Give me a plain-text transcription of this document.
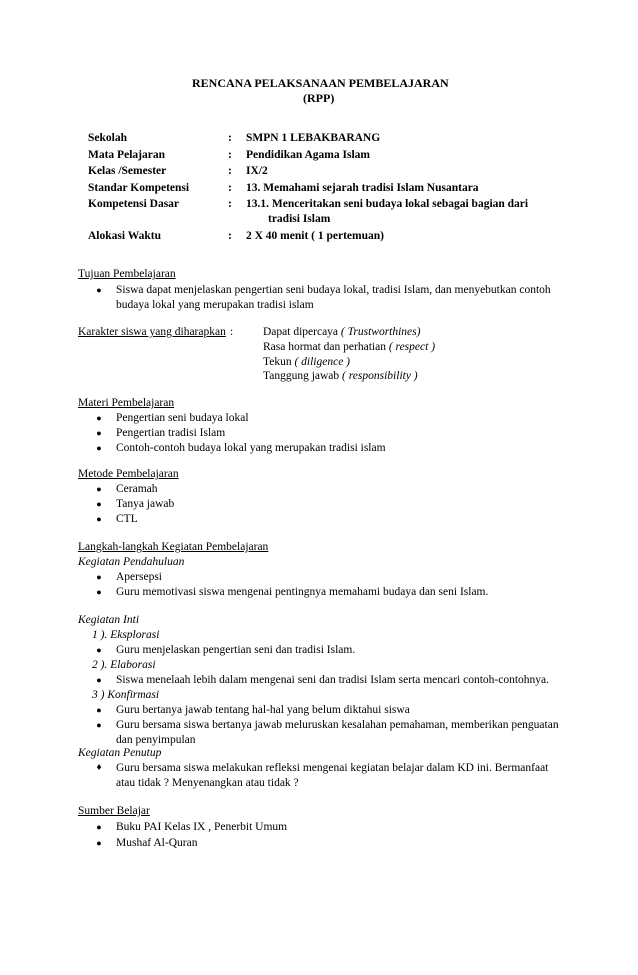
RENCANA PELAKSANAAN PEMBELAJARAN
(RPP)
Sekolah	: SMPN 1 LEBAKBARANG
Mata Pelajaran	: Pendidikan Agama Islam
Kelas /Semester	: IX/2
Standar Kompetensi	: 13. Memahami sejarah tradisi Islam Nusantara
Kompetensi Dasar	: 13.1. Menceritakan seni budaya lokal sebagai bagian dari
tradisi Islam
Alokasi Waktu	: 2 X 40 menit ( 1 pertemuan)
Tujuan Pembelajaran
●	Siswa dapat menjelaskan pengertian seni budaya lokal, tradisi Islam, dan menyebutkan contoh
budaya lokal yang merupakan tradisi islam
Karakter siswa yang diharapkan :	Dapat dipercaya ( Trustworthines)
Rasa hormat dan perhatian ( respect )
Tekun ( diligence )
Tanggung jawab ( responsibility )
Materi Pembelajaran
●	Pengertian seni budaya lokal
●	Pengertian tradisi Islam
●	Contoh-contoh budaya lokal yang merupakan tradisi islam
Metode Pembelajaran
●	Ceramah
●	Tanya jawab
●	CTL
Langkah-langkah Kegiatan Pembelajaran
Kegiatan Pendahuluan
●	Apersepsi
●	Guru memotivasi siswa mengenai pentingnya memahami budaya dan seni Islam.
Kegiatan Inti
1 ). Eksplorasi
●	Guru menjelaskan pengertian seni dan tradisi Islam.
2 ). Elaborasi
●	Siswa menelaah lebih dalam mengenai seni dan tradisi Islam serta mencari contoh-contohnya.
3 ) Konfirmasi
●	Guru bertanya jawab tentang hal-hal yang belum diktahui siswa
●	Guru bersama siswa bertanya jawab meluruskan kesalahan pemahaman, memberikan penguatan
dan penyimpulan
Kegiatan Penutup
♦	Guru bersama siswa melakukan refleksi mengenai kegiatan belajar dalam KD ini. Bermanfaat
atau tidak ? Menyenangkan atau tidak ?
Sumber Belajar
●	Buku PAI Kelas IX , Penerbit Umum
●	Mushaf Al-Quran
